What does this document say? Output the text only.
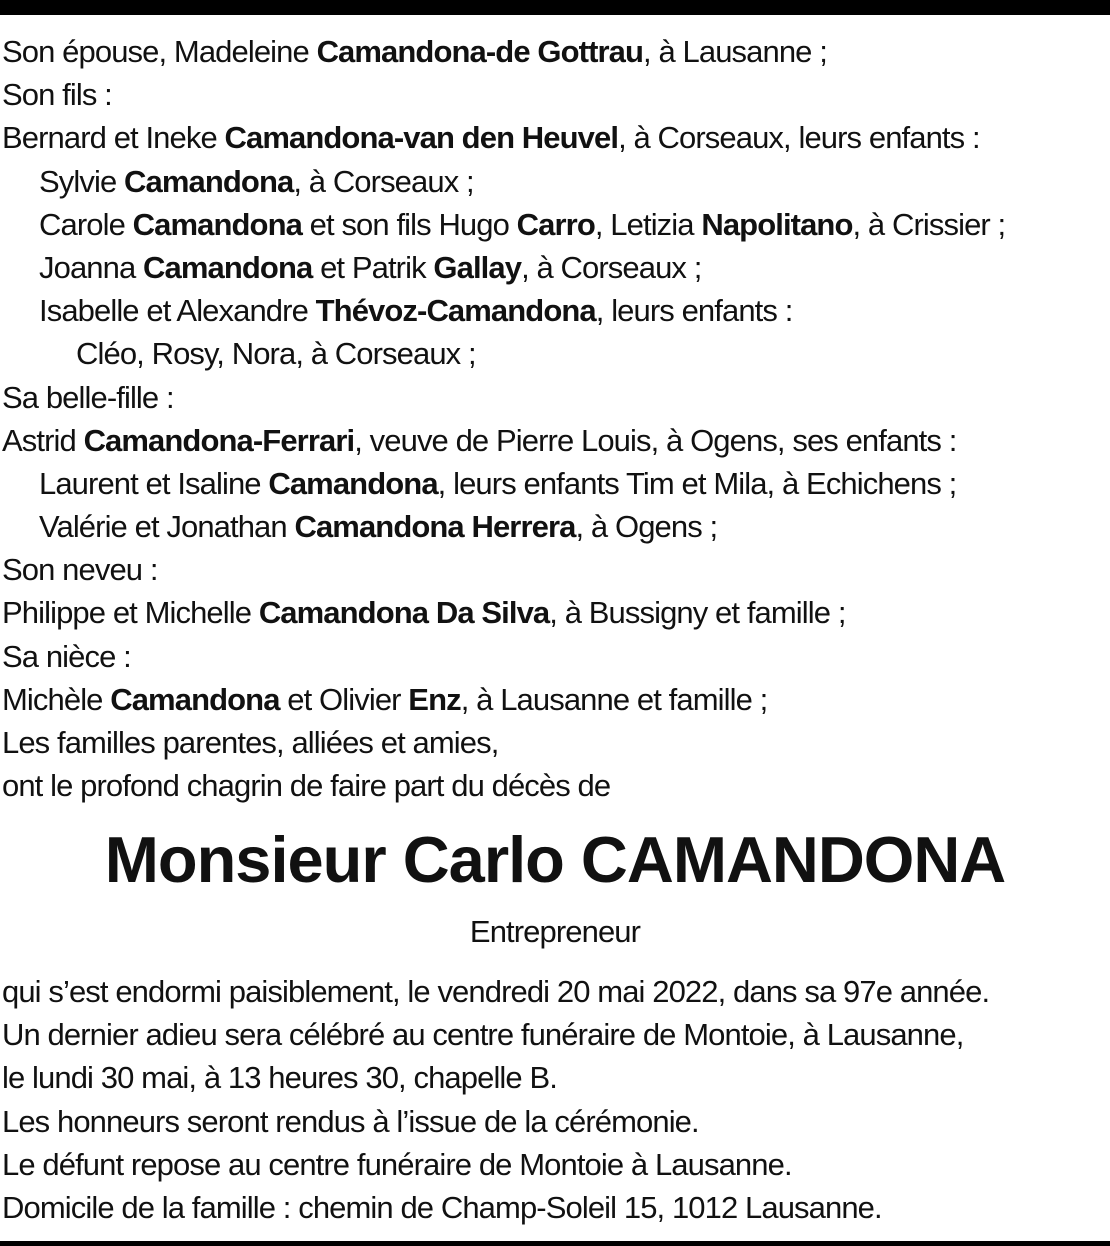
Son épouse, Madeleine Camandona-de Gottrau, à Lausanne ;
Son fils :
Bernard et Ineke Camandona-van den Heuvel, à Corseaux, leurs enfants :
Sylvie Camandona, à Corseaux ;
Carole Camandona et son fils Hugo Carro, Letizia Napolitano, à Crissier ;
Joanna Camandona et Patrik Gallay, à Corseaux ;
Isabelle et Alexandre Thévoz-Camandona, leurs enfants :
Cléo, Rosy, Nora, à Corseaux ;
Sa belle-fille :
Astrid Camandona-Ferrari, veuve de Pierre Louis, à Ogens, ses enfants :
Laurent et Isaline Camandona, leurs enfants Tim et Mila, à Echichens ;
Valérie et Jonathan Camandona Herrera, à Ogens ;
Son neveu :
Philippe et Michelle Camandona Da Silva, à Bussigny et famille ;
Sa nièce :
Michèle Camandona et Olivier Enz, à Lausanne et famille ;
Les familles parentes, alliées et amies,
ont le profond chagrin de faire part du décès de
Monsieur Carlo CAMANDONA
Entrepreneur
qui s’est endormi paisiblement, le vendredi 20 mai 2022, dans sa 97e année.
Un dernier adieu sera célébré au centre funéraire de Montoie, à Lausanne,
le lundi 30 mai, à 13 heures 30, chapelle B.
Les honneurs seront rendus à l’issue de la cérémonie.
Le défunt repose au centre funéraire de Montoie à Lausanne.
Domicile de la famille : chemin de Champ-Soleil 15, 1012 Lausanne.
